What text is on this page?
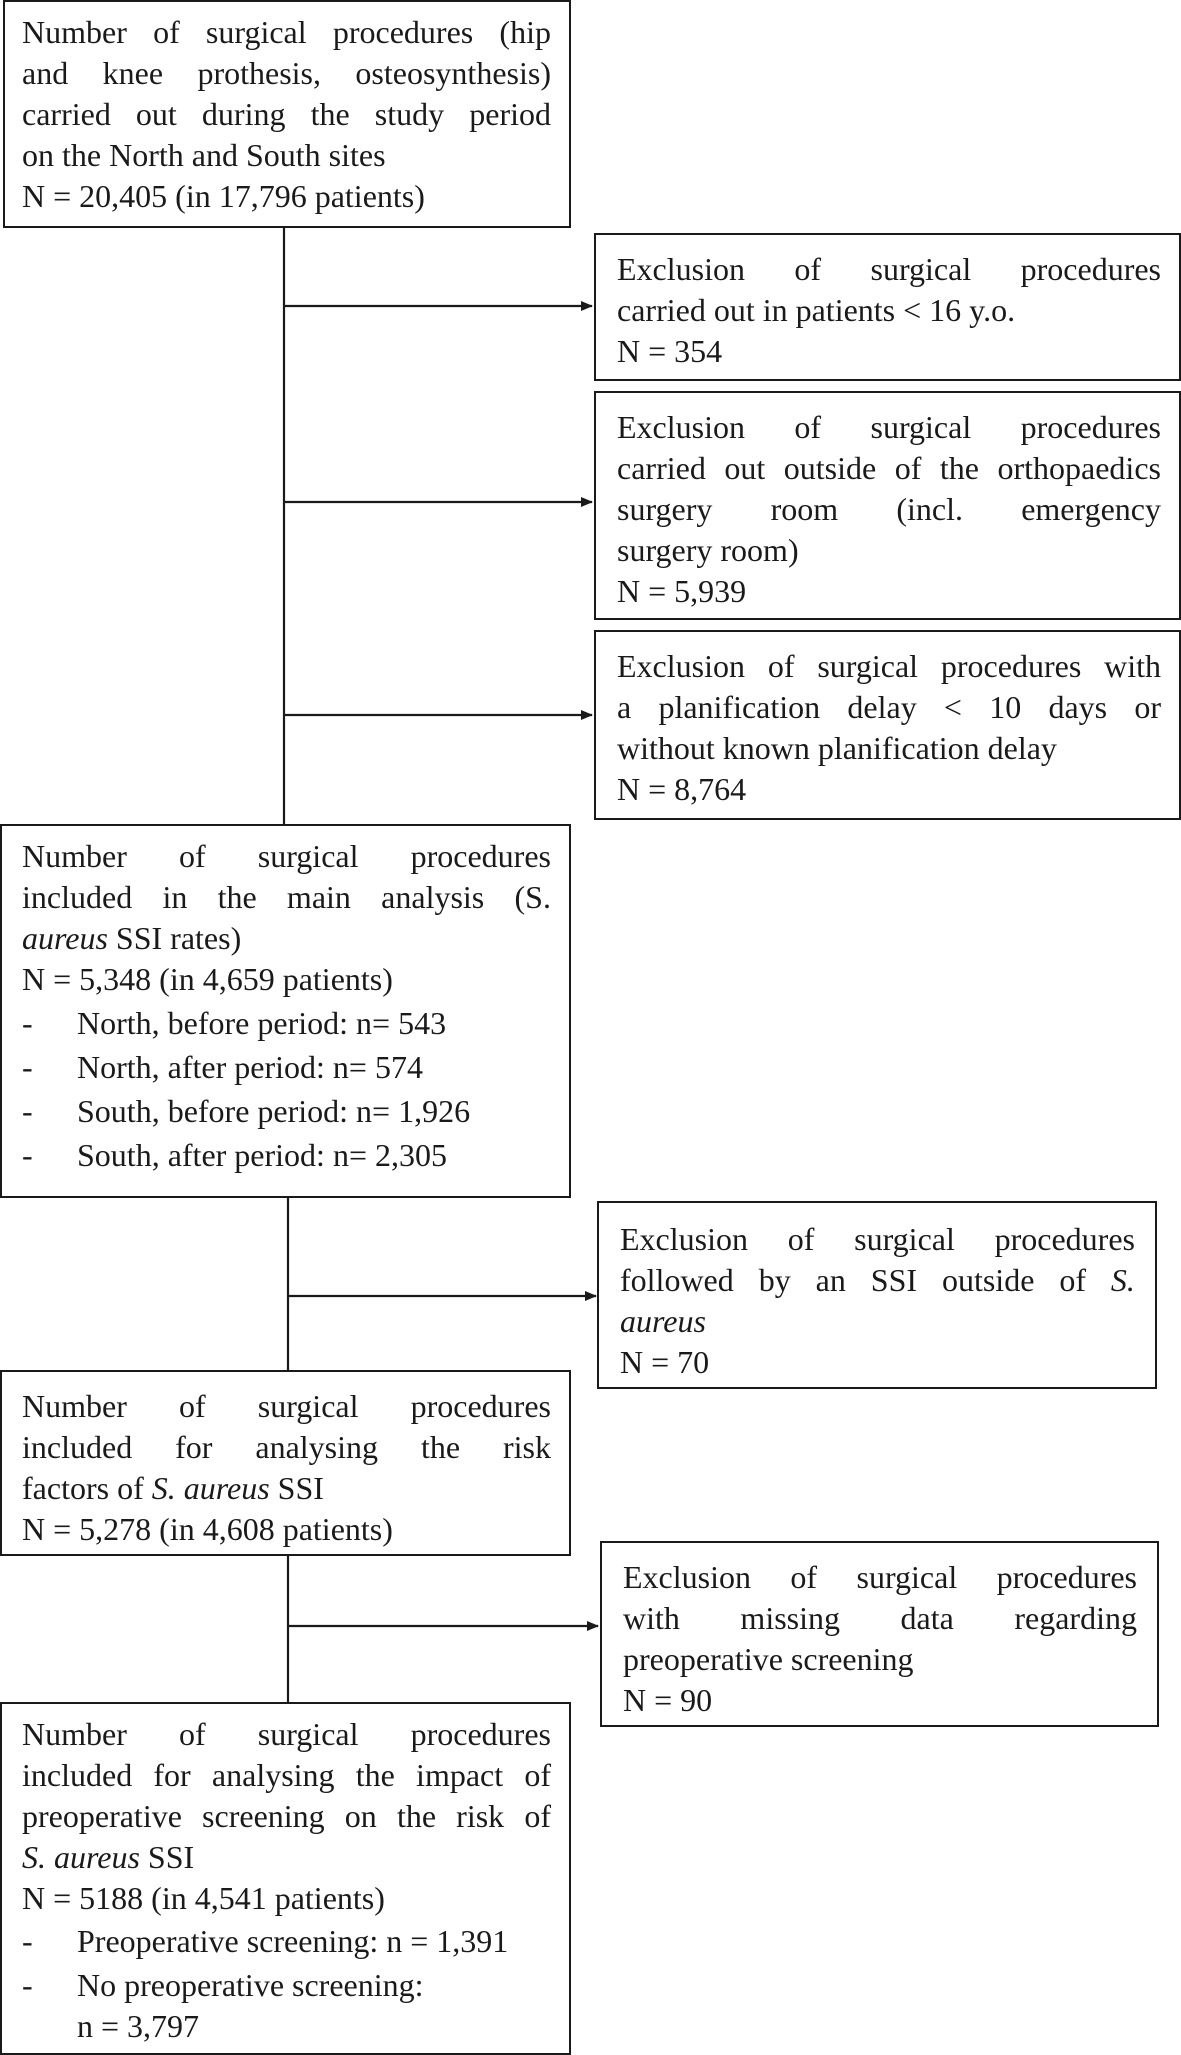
Number of surgical procedures (hip
and knee prothesis, osteosynthesis)
carried out during the study period
on the North and South sites
N = 20,405 (in 17,796 patients)
Exclusion of surgical procedures
carried out in patients < 16 y.o.
N = 354
Exclusion of surgical procedures
carried out outside of the orthopaedics
surgery room (incl. emergency
surgery room)
N = 5,939
Exclusion of surgical procedures with
a planification delay < 10 days or
without known planification delay
N = 8,764
Number of surgical procedures
included in the main analysis (S.
aureus SSI rates)
N = 5,348 (in 4,659 patients)
-	North, before period: n= 543
-	North, after period: n= 574
-	South, before period: n= 1,926
-	South, after period: n= 2,305
Exclusion of surgical procedures
followed by an SSI outside of S.
aureus
N = 70
Number of surgical procedures
included for analysing the risk
factors of S. aureus SSI
N = 5,278 (in 4,608 patients)
Exclusion of surgical procedures
with missing data regarding
preoperative screening
N = 90
Number of surgical procedures
included for analysing the impact of
preoperative screening on the risk of
S. aureus SSI
N = 5188 (in 4,541 patients)
-	Preoperative screening: n = 1,391
-	No preoperative screening:
n = 3,797
